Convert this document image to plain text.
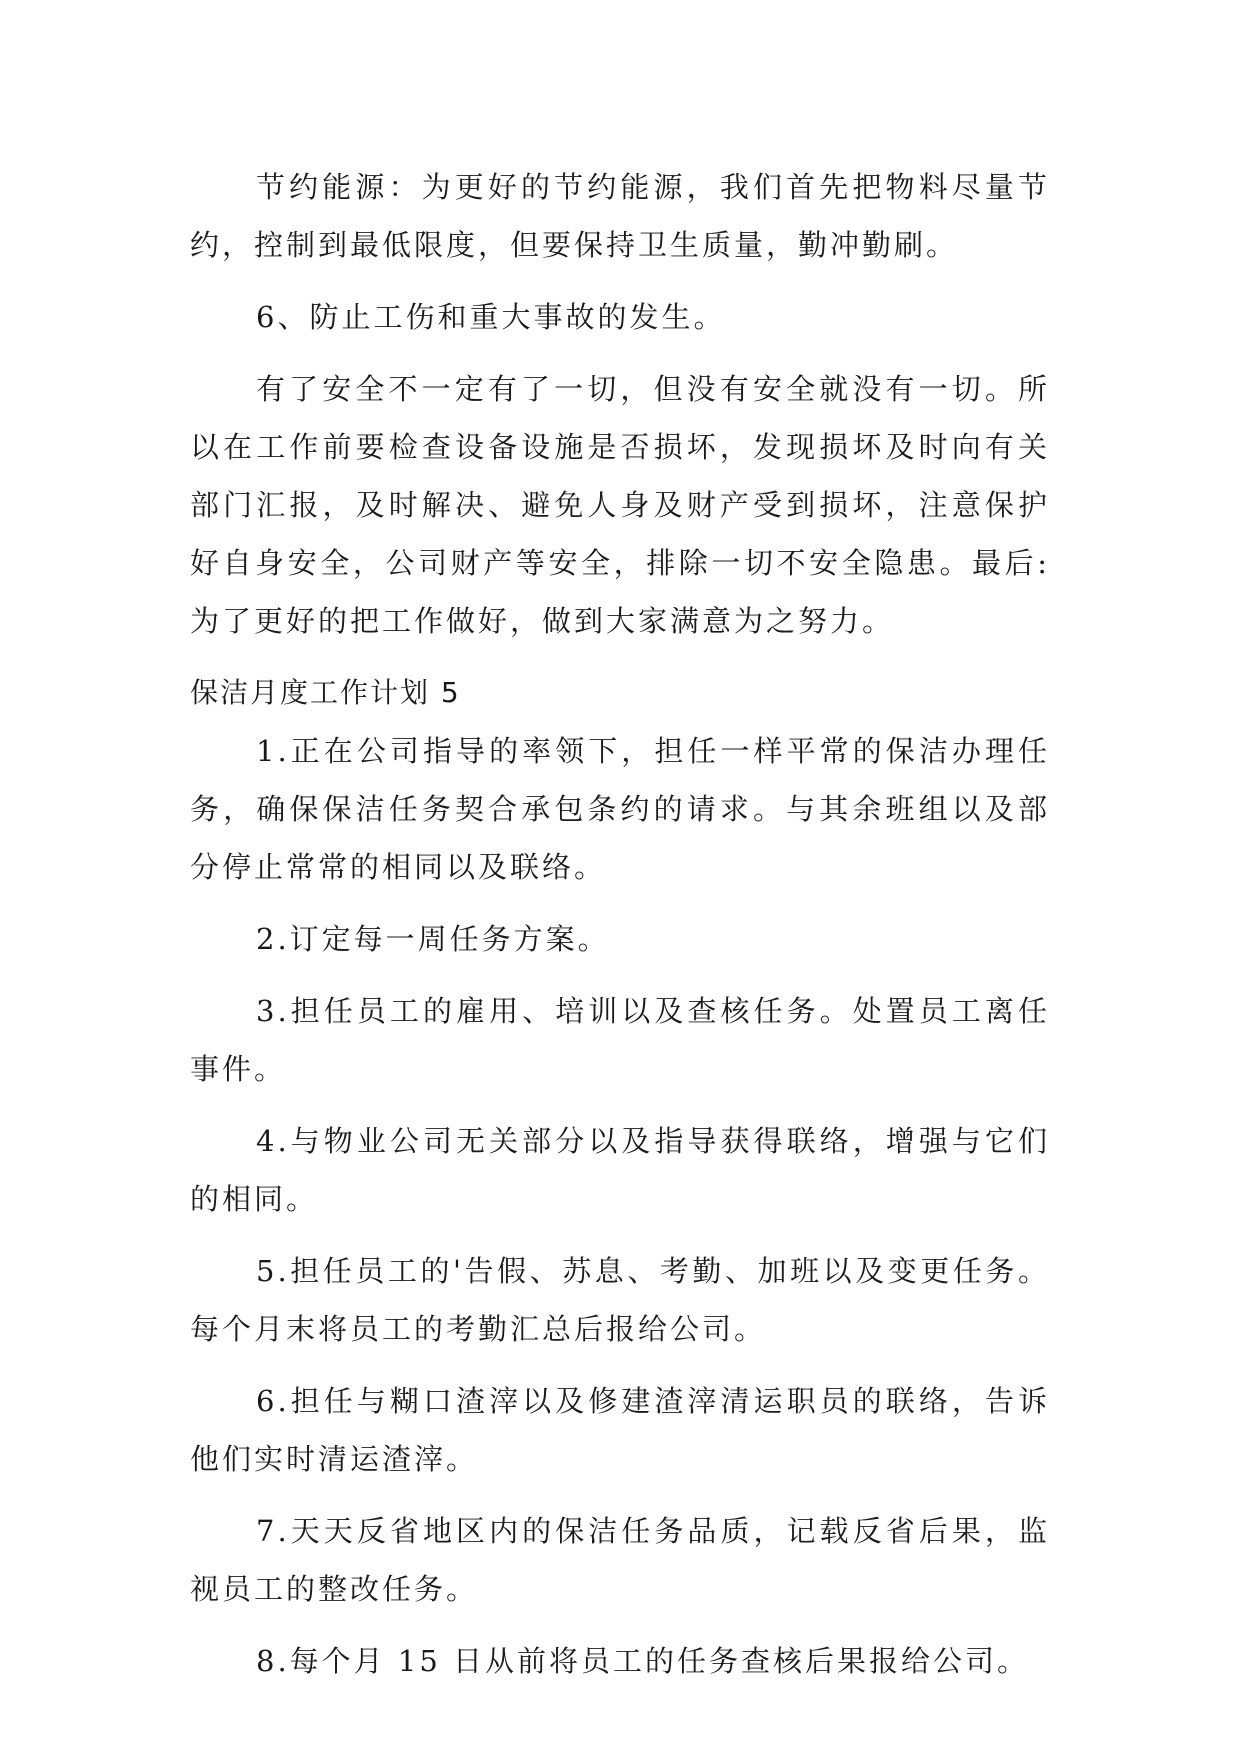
节约能源：为更好的节约能源，我们首先把物料尽量节约，控制到最低限度，但要保持卫生质量，勤冲勤刷。

6、防止工伤和重大事故的发生。

有了安全不一定有了一切，但没有安全就没有一切。所以在工作前要检查设备设施是否损坏，发现损坏及时向有关部门汇报，及时解决、避免人身及财产受到损坏，注意保护好自身安全，公司财产等安全，排除一切不安全隐患。最后:为了更好的把工作做好，做到大家满意为之努力。

保洁月度工作计划 5

1.正在公司指导的率领下，担任一样平常的保洁办理任务，确保保洁任务契合承包条约的请求。与其余班组以及部分停止常常的相同以及联络。

2.订定每一周任务方案。

3.担任员工的雇用、培训以及查核任务。处置员工离任事件。

4.与物业公司无关部分以及指导获得联络，增强与它们的相同。

5.担任员工的'告假、苏息、考勤、加班以及变更任务。每个月末将员工的考勤汇总后报给公司。

6.担任与糊口渣滓以及修建渣滓清运职员的联络，告诉他们实时清运渣滓。

7.天天反省地区内的保洁任务品质，记载反省后果，监视员工的整改任务。

8.每个月 15 日从前将员工的任务查核后果报给公司。
